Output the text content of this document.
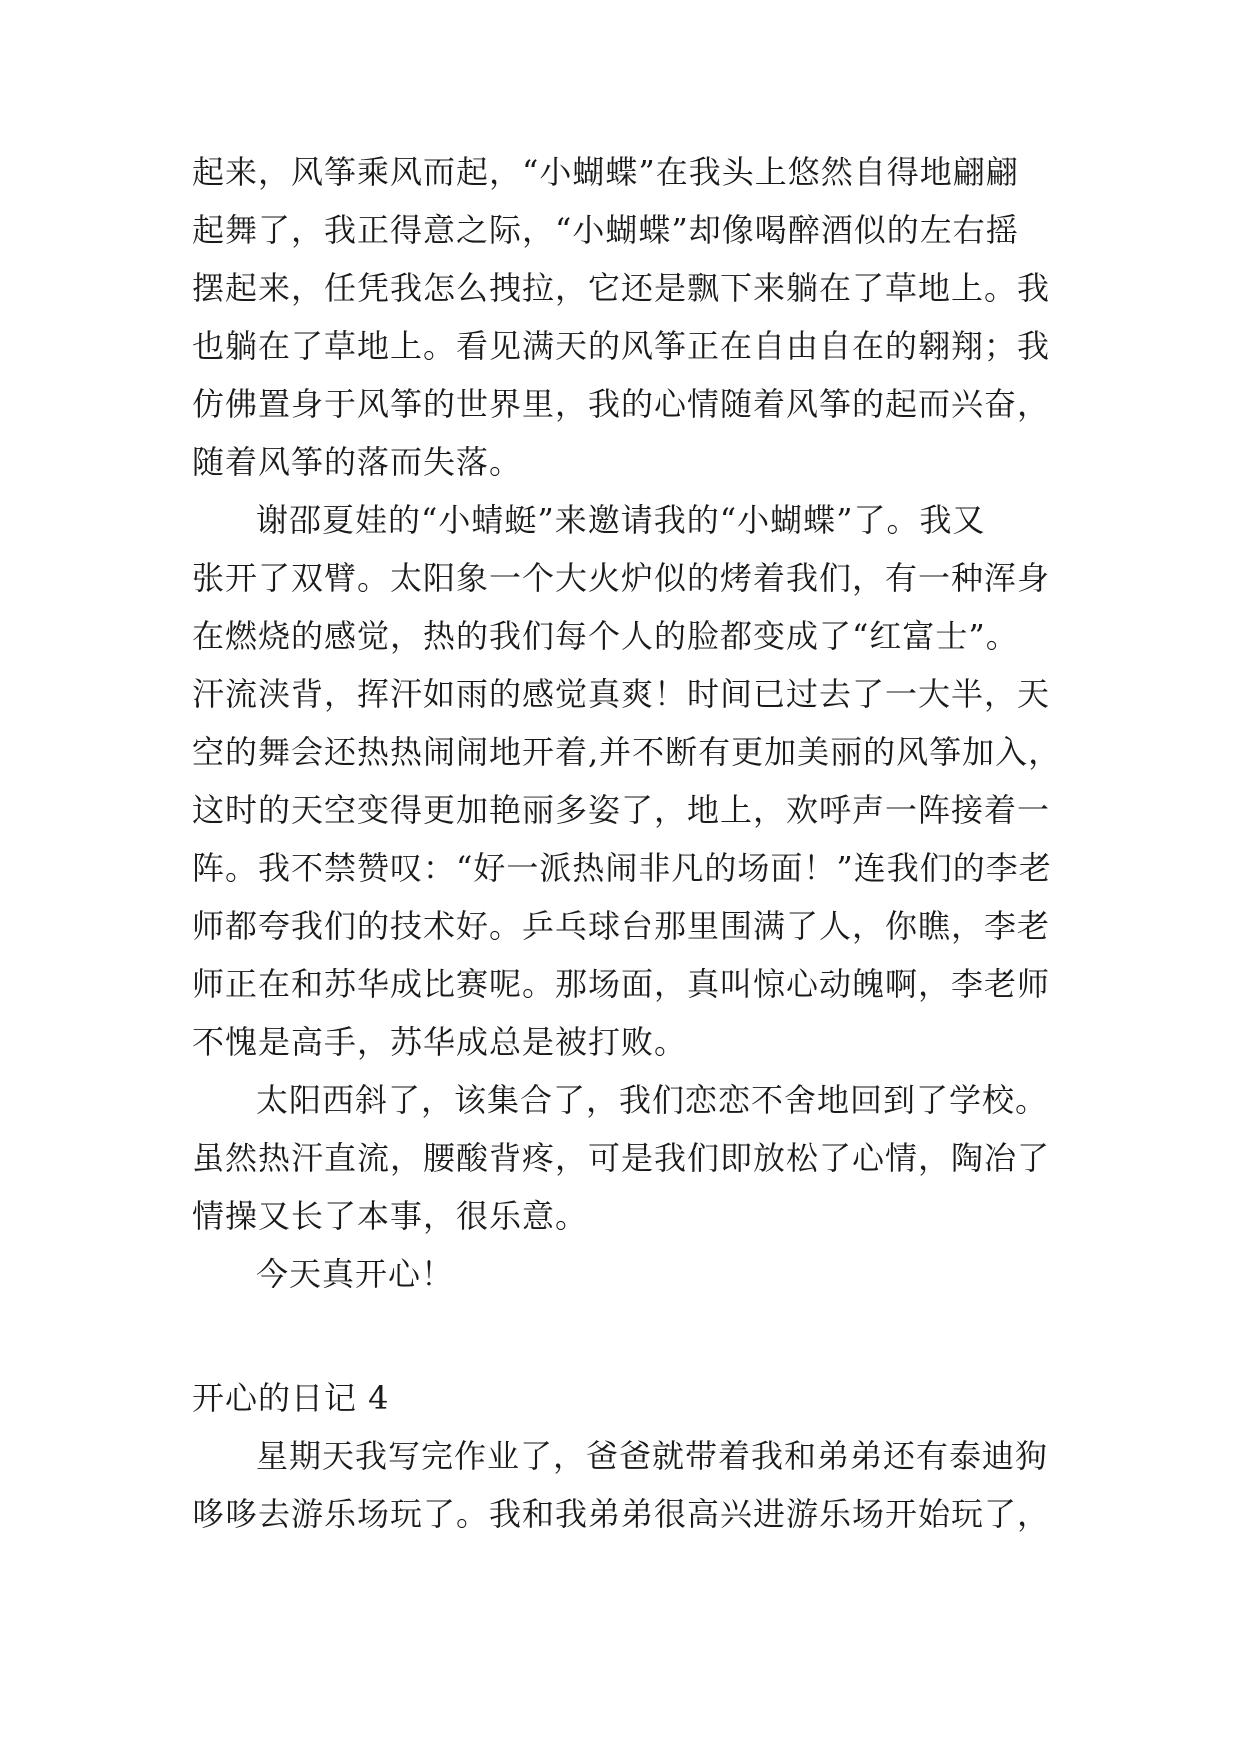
起来，风筝乘风而起，“小蝴蝶”在我头上悠然自得地翩翩
起舞了，我正得意之际，“小蝴蝶”却像喝醉酒似的左右摇
摆起来，任凭我怎么拽拉，它还是飘下来躺在了草地上。我
也躺在了草地上。看见满天的风筝正在自由自在的翱翔；我
仿佛置身于风筝的世界里，我的心情随着风筝的起而兴奋，
随着风筝的落而失落。
谢邵夏娃的“小蜻蜓”来邀请我的“小蝴蝶”了。我又
张开了双臂。太阳象一个大火炉似的烤着我们，有一种浑身
在燃烧的感觉，热的我们每个人的脸都变成了“红富士”。
汗流浃背，挥汗如雨的感觉真爽！时间已过去了一大半，天
空的舞会还热热闹闹地开着,并不断有更加美丽的风筝加入，
这时的天空变得更加艳丽多姿了，地上，欢呼声一阵接着一
阵。我不禁赞叹：“好一派热闹非凡的场面！”连我们的李老
师都夸我们的技术好。乒乓球台那里围满了人，你瞧，李老
师正在和苏华成比赛呢。那场面，真叫惊心动魄啊，李老师
不愧是高手，苏华成总是被打败。
太阳西斜了，该集合了，我们恋恋不舍地回到了学校。
虽然热汗直流，腰酸背疼，可是我们即放松了心情，陶冶了
情操又长了本事，很乐意。
今天真开心！
开心的日记 4
星期天我写完作业了，爸爸就带着我和弟弟还有泰迪狗
哆哆去游乐场玩了。我和我弟弟很高兴进游乐场开始玩了，
